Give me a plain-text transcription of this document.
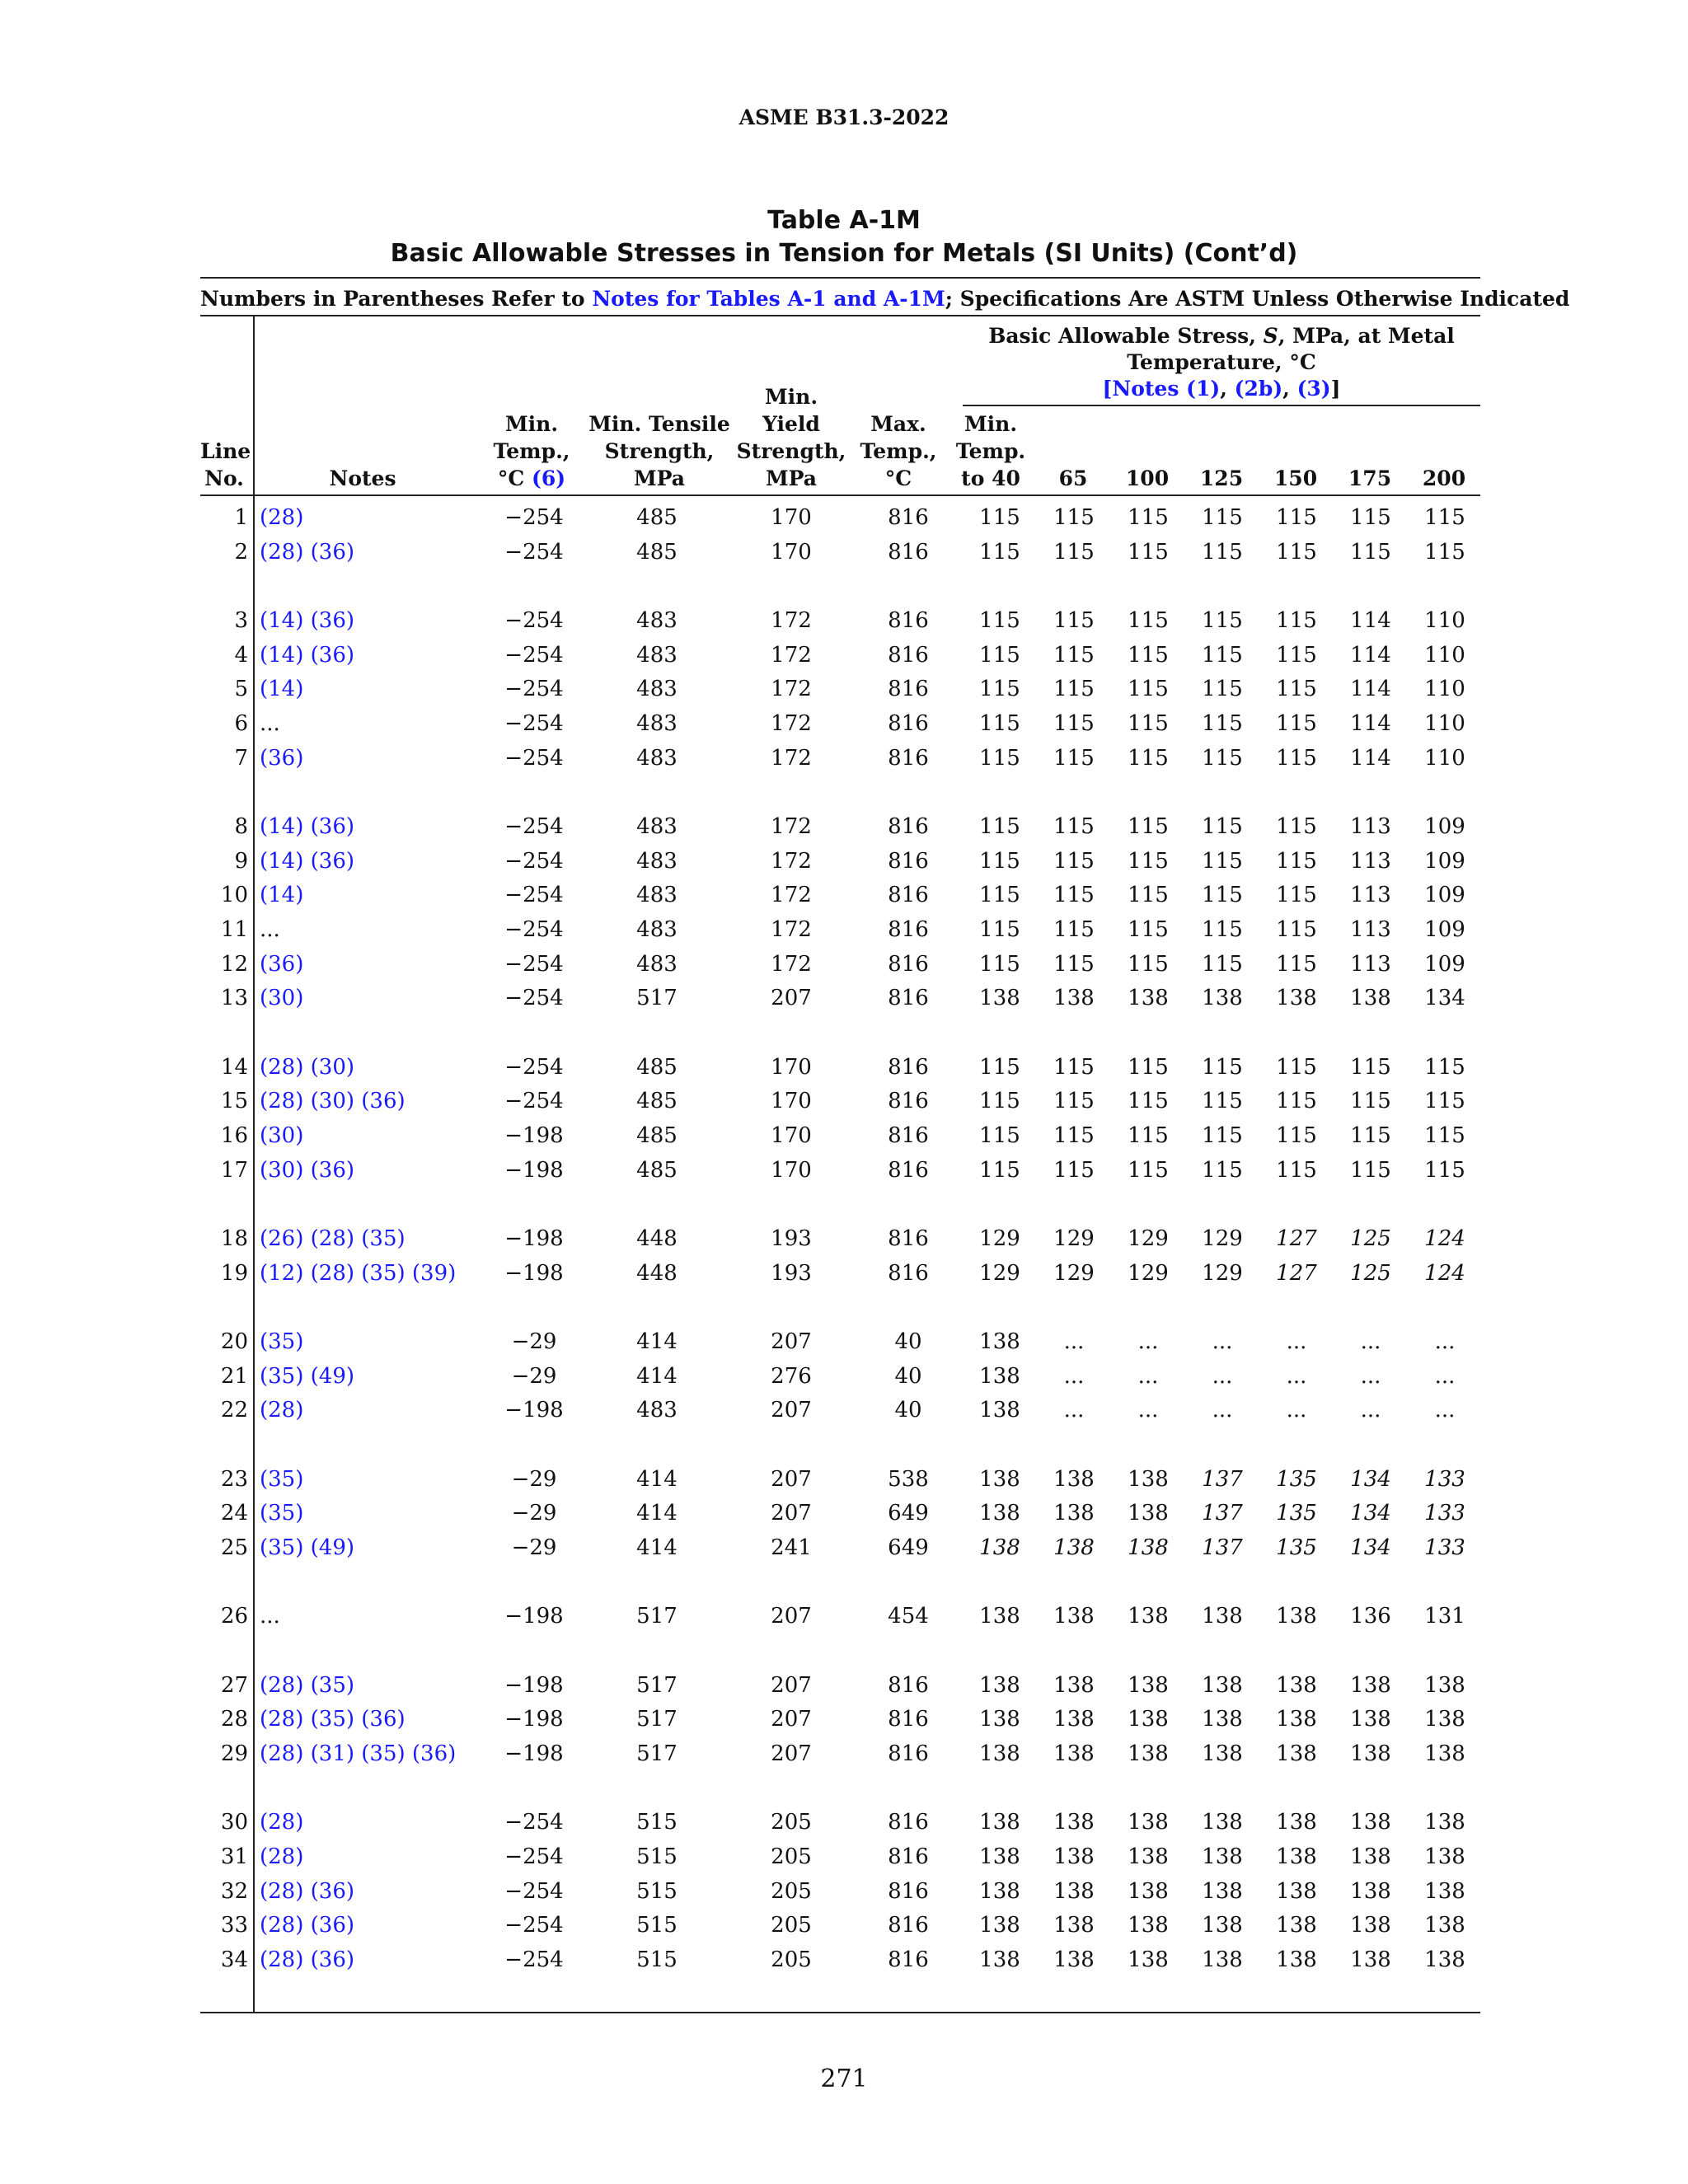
ASME B31.3-2022
Table A-1M
Basic Allowable Stresses in Tension for Metals (SI Units) (Cont’d)
Numbers in Parentheses Refer to Notes for Tables A-1 and A-1M; Specifications Are ASTM Unless Otherwise Indicated
Basic Allowable Stress, S, MPa, at Metal
Temperature, °C
[Notes (1), (2b), (3)]
Line
No.	Notes
Min.
Temp.,
°C (6)
Min. Tensile
Strength,
MPa
Min.
Yield
Strength,
MPa
Max.
Temp.,
°C
Min.
Temp.
to 40	65	100	125	150	175	200
1 (28)	−254	485	170	816	115	115	115	115	115	115	115
2 (28) (36)	−254	485	170	816	115	115	115	115	115	115	115
3 (14) (36)	−254	483	172	816	115	115	115	115	115	114	110
4 (14) (36)	−254	483	172	816	115	115	115	115	115	114	110
5 (14)	−254	483	172	816	115	115	115	115	115	114	110
6 ...	−254	483	172	816	115	115	115	115	115	114	110
7 (36)	−254	483	172	816	115	115	115	115	115	114	110
8 (14) (36)	−254	483	172	816	115	115	115	115	115	113	109
9 (14) (36)	−254	483	172	816	115	115	115	115	115	113	109
10 (14)	−254	483	172	816	115	115	115	115	115	113	109
11 ...	−254	483	172	816	115	115	115	115	115	113	109
12 (36)	−254	483	172	816	115	115	115	115	115	113	109
13 (30)	−254	517	207	816	138	138	138	138	138	138	134
14 (28) (30)	−254	485	170	816	115	115	115	115	115	115	115
15 (28) (30) (36)	−254	485	170	816	115	115	115	115	115	115	115
16 (30)	−198	485	170	816	115	115	115	115	115	115	115
17 (30) (36)	−198	485	170	816	115	115	115	115	115	115	115
18 (26) (28) (35)	−198	448	193	816	129	129	129	129	127	125	124
19 (12) (28) (35) (39)	−198	448	193	816	129	129	129	129	127	125	124
20 (35)	−29	414	207	40	138	...	...	...	...	...	...
21 (35) (49)	−29	414	276	40	138	...	...	...	...	...	...
22 (28)	−198	483	207	40	138	...	...	...	...	...	...
23 (35)	−29	414	207	538	138	138	138	137	135	134	133
24 (35)	−29	414	207	649	138	138	138	137	135	134	133
25 (35) (49)	−29	414	241	649	138	138	138	137	135	134	133
26 ...	−198	517	207	454	138	138	138	138	138	136	131
27 (28) (35)	−198	517	207	816	138	138	138	138	138	138	138
28 (28) (35) (36)	−198	517	207	816	138	138	138	138	138	138	138
29 (28) (31) (35) (36)	−198	517	207	816	138	138	138	138	138	138	138
30 (28)	−254	515	205	816	138	138	138	138	138	138	138
31 (28)	−254	515	205	816	138	138	138	138	138	138	138
32 (28) (36)	−254	515	205	816	138	138	138	138	138	138	138
33 (28) (36)	−254	515	205	816	138	138	138	138	138	138	138
34 (28) (36)	−254	515	205	816	138	138	138	138	138	138	138
271
